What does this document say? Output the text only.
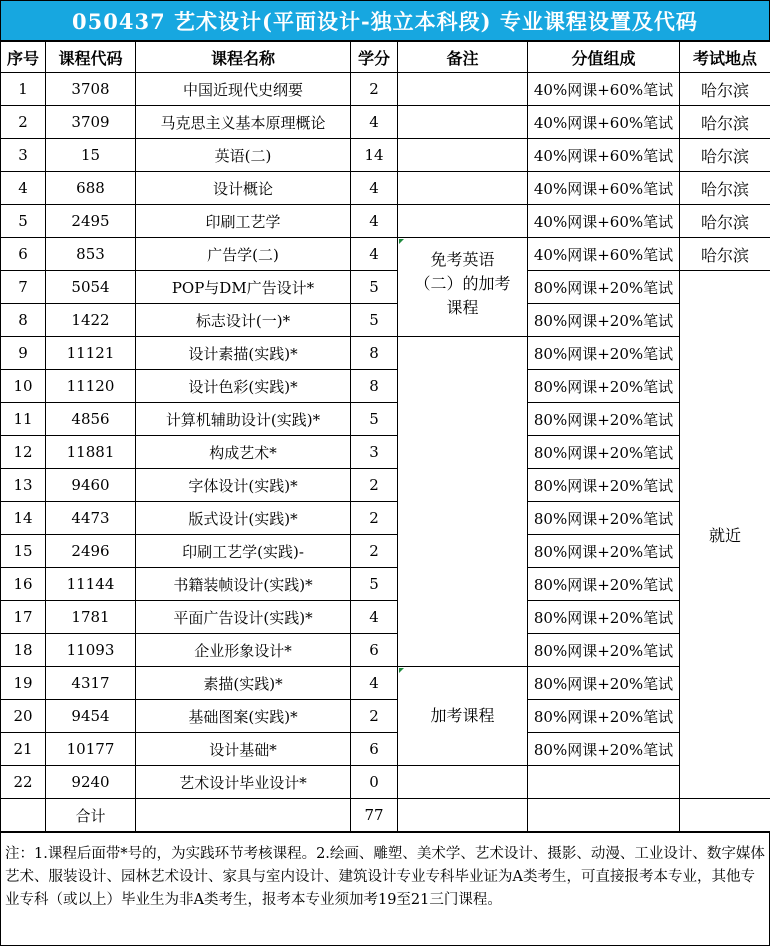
050437 艺术设计(平面设计-独立本科段) 专业课程设置及代码
序号	课程代码	课程名称	学分	备注	分值组成	考试地点
1	3708	中国近现代史纲要	2		40%网课+60%笔试	哈尔滨
2	3709	马克思主义基本原理概论	4		40%网课+60%笔试	哈尔滨
3	15	英语(二)	14		40%网课+60%笔试	哈尔滨
4	688	设计概论	4		40%网课+60%笔试	哈尔滨
5	2495	印刷工艺学	4		40%网课+60%笔试	哈尔滨
6	853	广告学(二)	4	免考英语（二）的加考课程	40%网课+60%笔试	哈尔滨
7	5054	POP与DM广告设计*	5		80%网课+20%笔试	就近
8	1422	标志设计(一)*	5		80%网课+20%笔试	
9	11121	设计素描(实践)*	8		80%网课+20%笔试	
10	11120	设计色彩(实践)*	8		80%网课+20%笔试	
11	4856	计算机辅助设计(实践)*	5		80%网课+20%笔试	
12	11881	构成艺术*	3		80%网课+20%笔试	
13	9460	字体设计(实践)*	2		80%网课+20%笔试	
14	4473	版式设计(实践)*	2		80%网课+20%笔试	
15	2496	印刷工艺学(实践)-	2		80%网课+20%笔试	
16	11144	书籍装帧设计(实践)*	5		80%网课+20%笔试	
17	1781	平面广告设计(实践)*	4		80%网课+20%笔试	
18	11093	企业形象设计*	6		80%网课+20%笔试	
19	4317	素描(实践)*	4	加考课程	80%网课+20%笔试	
20	9454	基础图案(实践)*	2		80%网课+20%笔试	
21	10177	设计基础*	6		80%网课+20%笔试	
22	9240	艺术设计毕业设计*	0			
	合计		77			
注：1.课程后面带*号的，为实践环节考核课程。2.绘画、雕塑、美术学、艺术设计、摄影、动漫、工业设计、数字媒体艺术、服装设计、园林艺术设计、家具与室内设计、建筑设计专业专科毕业证为A类考生，可直接报考本专业，其他专业专科（或以上）毕业生为非A类考生，报考本专业须加考19至21三门课程。
